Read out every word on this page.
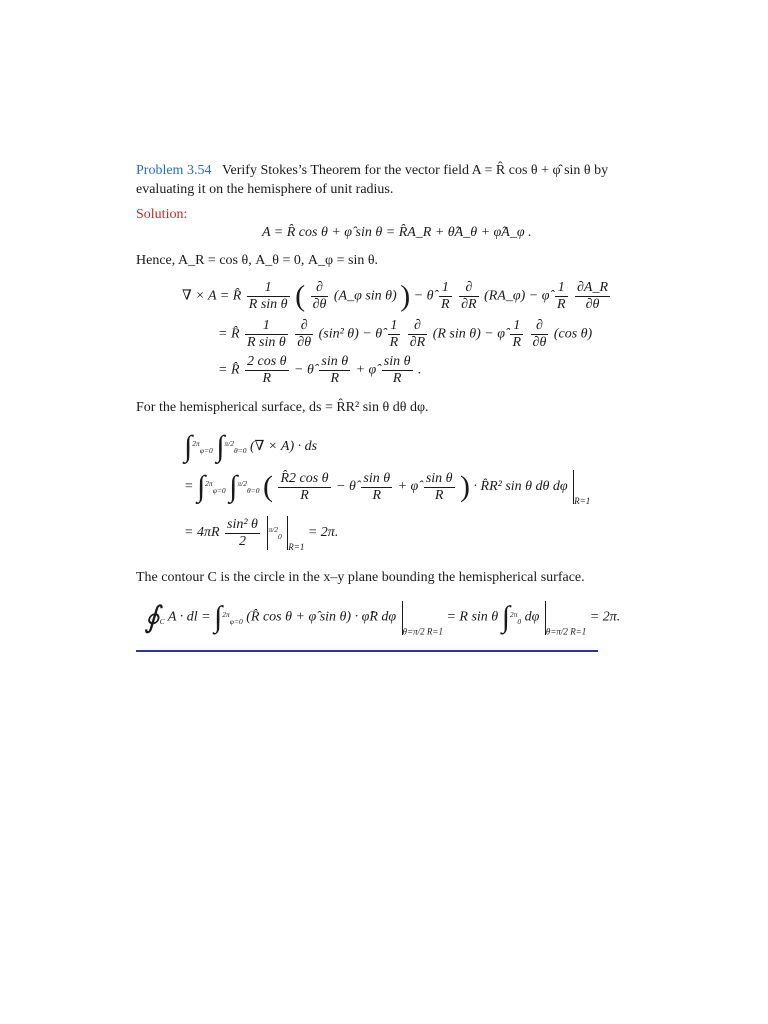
Problem 3.54 Verify Stokes’s Theorem for the vector field A = R̂ cos θ + φ̂ sin θ by
evaluating it on the hemisphere of unit radius.
Solution:
A = R̂ cos θ + φ̂ sin θ = R̂A_R + θ̂A_θ + φ̂A_φ .
Hence, A_R = cos θ, A_θ = 0, A_φ = sin θ.
∇ × A = R̂ $\frac{1}{\text{R sin θ}}$ ( $\frac{\partial}{\partial\theta}$ (A_φ sin θ) ) − θ̂ $\frac{1}{R}$
$\frac{\partial}{\partial R}$ (RA_φ) − φ̂ $\frac{1}{R}$
$\frac{\partial A\_R}{\partial\theta}$
= R̂ $\frac{1}{\text{R sin θ}}$
$\frac{\partial}{\partial\theta} (\sin^2$ θ) − θ̂ $\frac{1}{R}$
$\frac{\partial}{\partial R} (R$ sin θ) − φ̂ $\frac{1}{R}$
$\frac{\partial}{\partial\theta} (\cos$ θ)
= R̂ $\frac{\text{2 cos θ}}{R}$ − θ̂ $\frac{\text{sin θ}}{R}$ + φ̂ $\frac{\text{sin θ}}{R}$ .
For the hemispherical surface, ds = R̂R² sin θ dθ dφ.
∫$^{2\pi}_{\varphi=0}$ ∫$^{\pi/2}_{\theta=0}$ (∇ × A) · ds
= ∫$^{2\pi}_{\varphi=0}$ ∫$^{\pi/2}_{\theta=0}$ ( $\frac{\text{R̂2 cos θ}}{R}$ − θ̂ $\frac{\text{sin θ}}{R}$ + φ̂ $\frac{\text{sin θ}}{R}$ ) · R̂R² sin θ dθ dφ $_{R=1}$
= $4\pi R \frac{\text{sin² θ}}{2} ^{\pi/2}_0$ $_{R=1}$ = 2π.
The contour C is the circle in the x–y plane bounding the hemispherical surface.
$∮_C$ A · dl = ∫$^{2\pi}_{\varphi=0}$ (R̂ cos θ + φ̂ sin θ) · φ̂R dφ $_{\theta=\pi/2 R=1}$ = R sin θ ∫$^{2\pi}_0$ dφ $_{\theta=\pi/2 R=1}$ = 2π.
